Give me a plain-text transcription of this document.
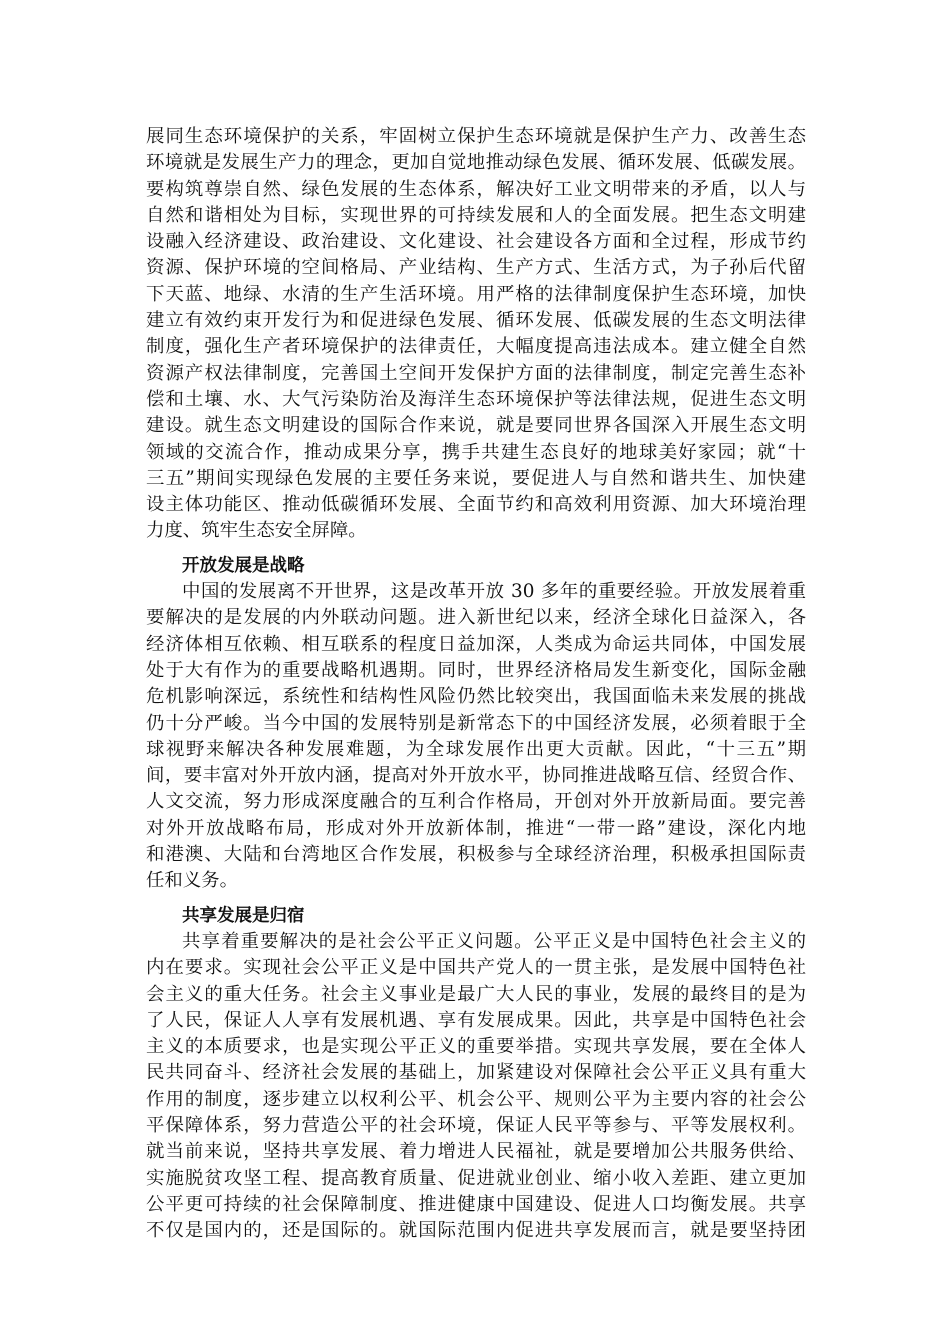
展同生态环境保护的关系，牢固树立保护生态环境就是保护生产力、改善生态
环境就是发展生产力的理念，更加自觉地推动绿色发展、循环发展、低碳发展。
要构筑尊崇自然、绿色发展的生态体系，解决好工业文明带来的矛盾，以人与
自然和谐相处为目标，实现世界的可持续发展和人的全面发展。把生态文明建
设融入经济建设、政治建设、文化建设、社会建设各方面和全过程，形成节约
资源、保护环境的空间格局、产业结构、生产方式、生活方式，为子孙后代留
下天蓝、地绿、水清的生产生活环境。用严格的法律制度保护生态环境，加快
建立有效约束开发行为和促进绿色发展、循环发展、低碳发展的生态文明法律
制度，强化生产者环境保护的法律责任，大幅度提高违法成本。建立健全自然
资源产权法律制度，完善国土空间开发保护方面的法律制度，制定完善生态补
偿和土壤、水、大气污染防治及海洋生态环境保护等法律法规，促进生态文明
建设。就生态文明建设的国际合作来说，就是要同世界各国深入开展生态文明
领域的交流合作，推动成果分享，携手共建生态良好的地球美好家园；就“十
三五”期间实现绿色发展的主要任务来说，要促进人与自然和谐共生、加快建
设主体功能区、推动低碳循环发展、全面节约和高效利用资源、加大环境治理
力度、筑牢生态安全屏障。
开放发展是战略
中国的发展离不开世界，这是改革开放 30 多年的重要经验。开放发展着重
要解决的是发展的内外联动问题。进入新世纪以来，经济全球化日益深入，各
经济体相互依赖、相互联系的程度日益加深，人类成为命运共同体，中国发展
处于大有作为的重要战略机遇期。同时，世界经济格局发生新变化，国际金融
危机影响深远，系统性和结构性风险仍然比较突出，我国面临未来发展的挑战
仍十分严峻。当今中国的发展特别是新常态下的中国经济发展，必须着眼于全
球视野来解决各种发展难题，为全球发展作出更大贡献。因此，“十三五”期
间，要丰富对外开放内涵，提高对外开放水平，协同推进战略互信、经贸合作、
人文交流，努力形成深度融合的互利合作格局，开创对外开放新局面。要完善
对外开放战略布局，形成对外开放新体制，推进“一带一路”建设，深化内地
和港澳、大陆和台湾地区合作发展，积极参与全球经济治理，积极承担国际责
任和义务。
共享发展是归宿
共享着重要解决的是社会公平正义问题。公平正义是中国特色社会主义的
内在要求。实现社会公平正义是中国共产党人的一贯主张，是发展中国特色社
会主义的重大任务。社会主义事业是最广大人民的事业，发展的最终目的是为
了人民，保证人人享有发展机遇、享有发展成果。因此，共享是中国特色社会
主义的本质要求，也是实现公平正义的重要举措。实现共享发展，要在全体人
民共同奋斗、经济社会发展的基础上，加紧建设对保障社会公平正义具有重大
作用的制度，逐步建立以权利公平、机会公平、规则公平为主要内容的社会公
平保障体系，努力营造公平的社会环境，保证人民平等参与、平等发展权利。
就当前来说，坚持共享发展、着力增进人民福祉，就是要增加公共服务供给、
实施脱贫攻坚工程、提高教育质量、促进就业创业、缩小收入差距、建立更加
公平更可持续的社会保障制度、推进健康中国建设、促进人口均衡发展。共享
不仅是国内的，还是国际的。就国际范围内促进共享发展而言，就是要坚持团
